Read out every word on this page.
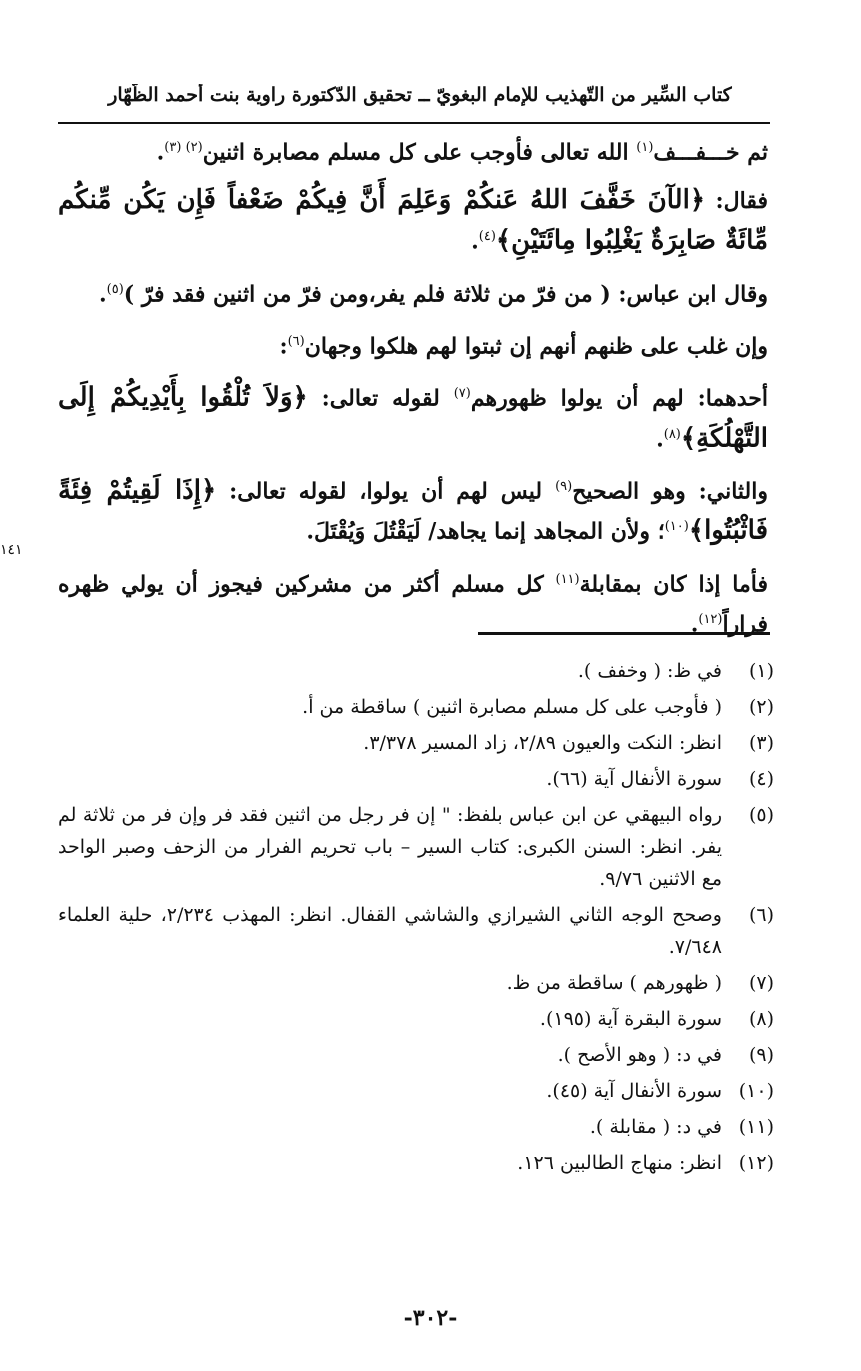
كتاب السِّير من التّهذيب للإمام البغويّ ــ تحقيق الدّكتورة راوية بنت أحمد الظّهّار
١٤١

ثم خـــفـــف$^{(١)}$ الله تعالى فأوجب على كل مسلم مصابرة اثنين$^{(٢)}$ $^{(٣)}$.

فقال: ﴿الآنَ خَفَّفَ اللهُ عَنكُمْ وَعَلِمَ أَنَّ فِيكُمْ ضَعْفاً فَإِن يَكُن مِّنكُم مِّائَةٌ صَابِرَةٌ يَغْلِبُوا مِائَتَيْنِ﴾$^{(٤)}$.

وقال ابن عباس: ( من فرّ من ثلاثة فلم يفر،ومن فرّ من اثنين فقد فرّ )$^{(٥)}$.

وإن غلب على ظنهم أنهم إن ثبتوا لهم هلكوا وجهان$^{(٦)}$:

أحدهما: لهم أن يولوا ظهورهم$^{(٧)}$ لقوله تعالى: ﴿وَلاَ تُلْقُوا بِأَيْدِيكُمْ إِلَى التَّهْلُكَةِ﴾$^{(٨)}$.

والثاني: وهو الصحيح$^{(٩)}$ ليس لهم أن يولوا، لقوله تعالى: ﴿إِذَا لَقِيتُمْ فِئَةً فَاثْبُتُوا﴾$^{(١٠)}$؛ ولأن المجاهد إنما يجاهد/ لَيَقْتُلَ وَيُقْتَلَ.

فأما إذا كان بمقابلة$^{(١١)}$ كل مسلم أكثر من مشركين فيجوز أن يولي ظهره فراراً$^{(١٢)}$.

(١)
في ظ: ( وخفف ).
(٢)
( فأوجب على كل مسلم مصابرة اثنين ) ساقطة من أ.
(٣)
انظر: النكت والعيون ٢/٨٩، زاد المسير ٣/٣٧٨.
(٤)
سورة الأنفال آية (٦٦).
(٥)
رواه البيهقي عن ابن عباس بلفظ: " إن فر رجل من اثنين فقد فر وإن فر من ثلاثة لم يفر. انظر: السنن الكبرى: كتاب السير – باب تحريم الفرار من الزحف وصبر الواحد مع الاثنين ٩/٧٦.
(٦)
وصحح الوجه الثاني الشيرازي والشاشي القفال. انظر: المهذب ٢/٢٣٤، حلية العلماء ٧/٦٤٨.
(٧)
( ظهورهم ) ساقطة من ظ.
(٨)
سورة البقرة آية (١٩٥).
(٩)
في د: ( وهو الأصح ).
(١٠)
سورة الأنفال آية (٤٥).
(١١)
في د: ( مقابلة ).
(١٢)
انظر: منهاج الطالبين ١٢٦.
-٣٠٢-
